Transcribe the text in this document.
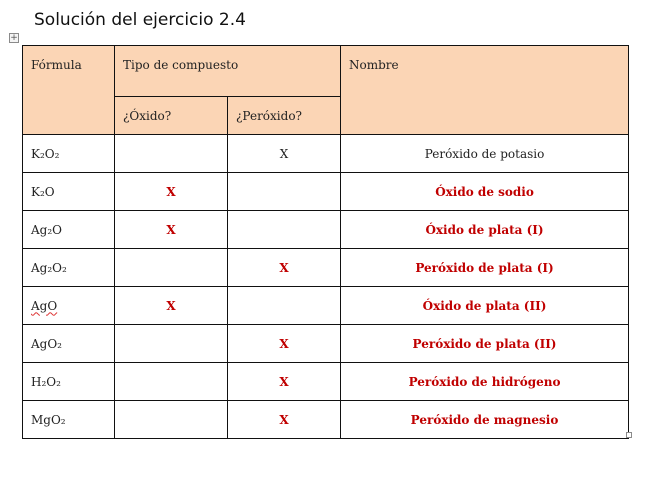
Solución del ejercicio 2.4
+
Fórmula	Tipo de compuesto		Nombre
	¿Óxido?	¿Peróxido?	
K₂O₂		X	Peróxido de potasio
K₂O	X		Óxido de sodio
Ag₂O	X		Óxido de plata (I)
Ag₂O₂		X	Peróxido de plata (I)
AgO	X		Óxido de plata (II)
AgO₂		X	Peróxido de plata (II)
H₂O₂		X	Peróxido de hidrógeno
MgO₂		X	Peróxido de magnesio
